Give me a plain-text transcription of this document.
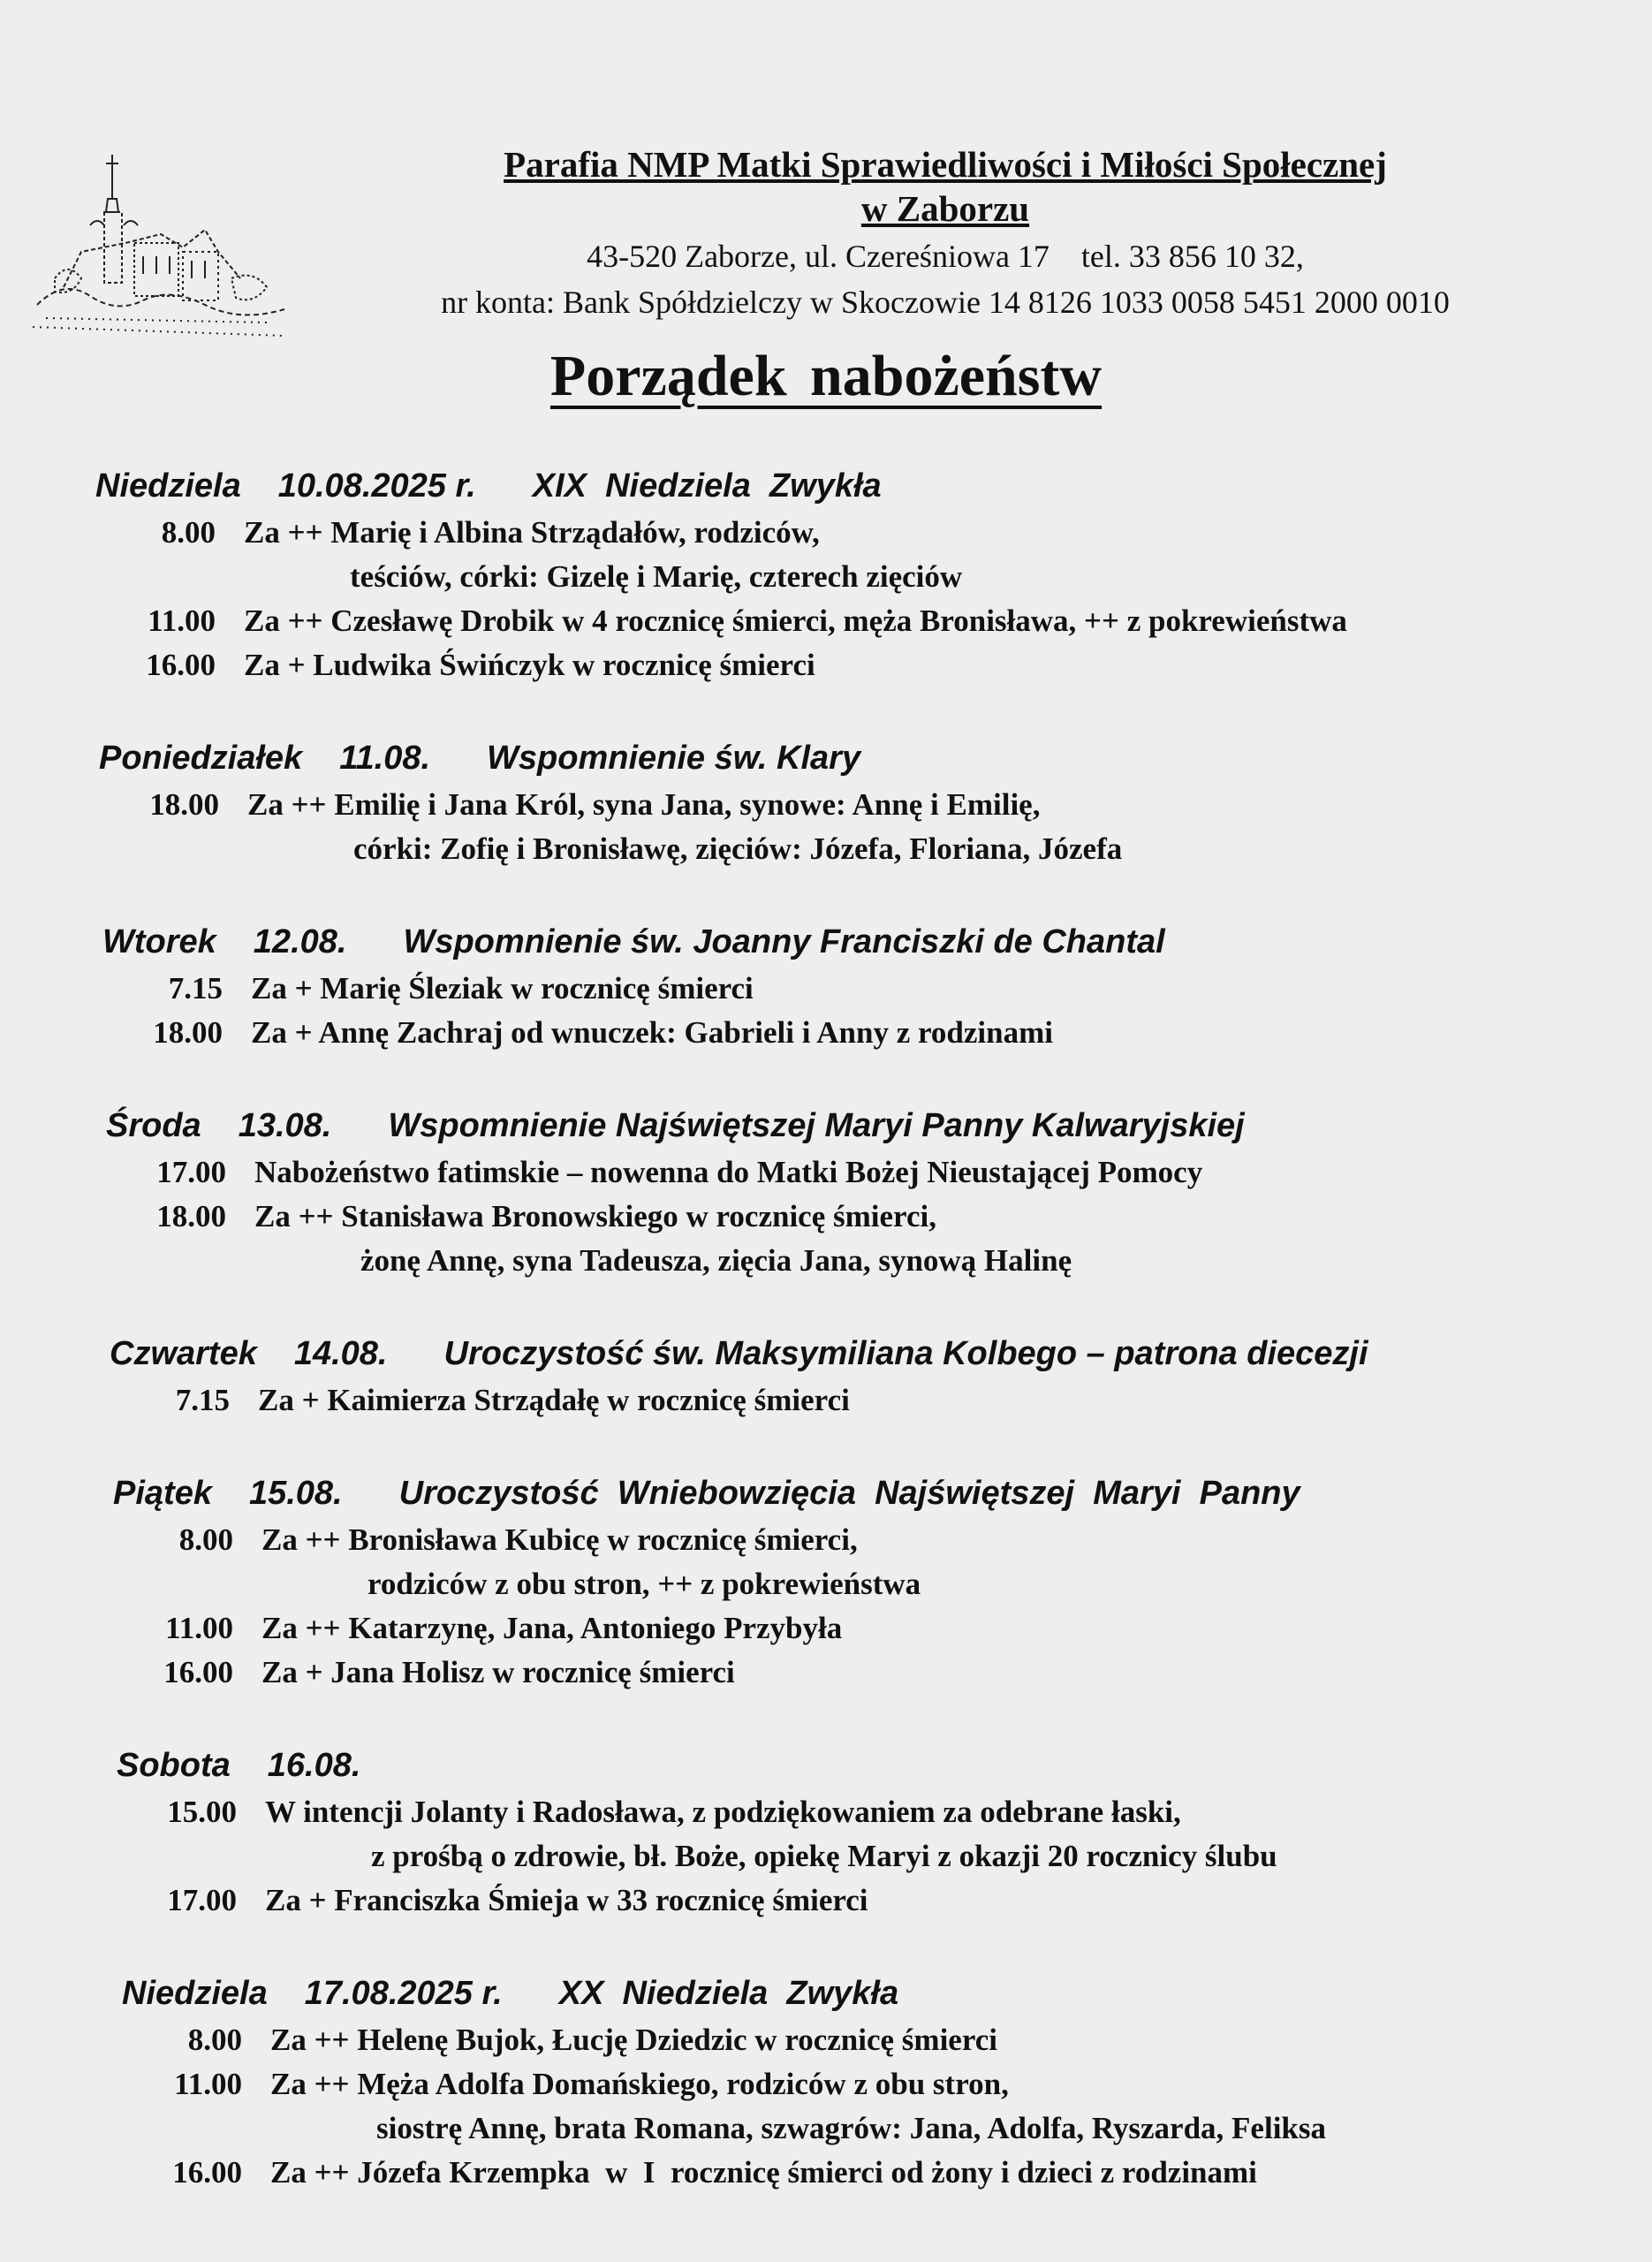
Parafia NMP Matki Sprawiedliwości i Miłości Społecznej

w Zaborzu

43-520 Zaborze, ul. Czereśniowa 17    tel. 33 856 10 32,

nr konta: Bank Spółdzielczy w Skoczowie 14 8126 1033 0058 5451 2000 0010

Porządek nabożeństw
Niedziela 10.08.2025 r. XIX  Niedziela  Zwykła
8.00 Za ++ Marię i Albina Strządałów, rodziców,
teściów, córki: Gizelę i Marię, czterech zięciów
11.00 Za ++ Czesławę Drobik w 4 rocznicę śmierci, męża Bronisława, ++ z pokrewieństwa
16.00 Za + Ludwika Świńczyk w rocznicę śmierci
Poniedziałek 11.08. Wspomnienie św. Klary
18.00 Za ++ Emilię i Jana Król, syna Jana, synowe: Annę i Emilię,
córki: Zofię i Bronisławę, zięciów: Józefa, Floriana, Józefa
Wtorek 12.08. Wspomnienie św. Joanny Franciszki de Chantal
7.15 Za + Marię Śleziak w rocznicę śmierci
18.00 Za + Annę Zachraj od wnuczek: Gabrieli i Anny z rodzinami
Środa 13.08. Wspomnienie Najświętszej Maryi Panny Kalwaryjskiej
17.00 Nabożeństwo fatimskie – nowenna do Matki Bożej Nieustającej Pomocy
18.00 Za ++ Stanisława Bronowskiego w rocznicę śmierci,
żonę Annę, syna Tadeusza, zięcia Jana, synową Halinę
Czwartek 14.08. Uroczystość św. Maksymiliana Kolbego – patrona diecezji
7.15 Za + Kaimierza Strządałę w rocznicę śmierci
Piątek 15.08. Uroczystość  Wniebowzięcia  Najświętszej  Maryi  Panny
8.00 Za ++ Bronisława Kubicę w rocznicę śmierci,
rodziców z obu stron, ++ z pokrewieństwa
11.00 Za ++ Katarzynę, Jana, Antoniego Przybyła
16.00 Za + Jana Holisz w rocznicę śmierci
Sobota 16.08.
15.00 W intencji Jolanty i Radosława, z podziękowaniem za odebrane łaski,
z prośbą o zdrowie, bł. Boże, opiekę Maryi z okazji 20 rocznicy ślubu
17.00 Za + Franciszka Śmieja w 33 rocznicę śmierci
Niedziela 17.08.2025 r. XX  Niedziela  Zwykła
8.00 Za ++ Helenę Bujok, Łucję Dziedzic w rocznicę śmierci
11.00 Za ++ Męża Adolfa Domańskiego, rodziców z obu stron,
siostrę Annę, brata Romana, szwagrów: Jana, Adolfa, Ryszarda, Feliksa
16.00 Za ++ Józefa Krzempka  w  I  rocznicę śmierci od żony i dzieci z rodzinami
